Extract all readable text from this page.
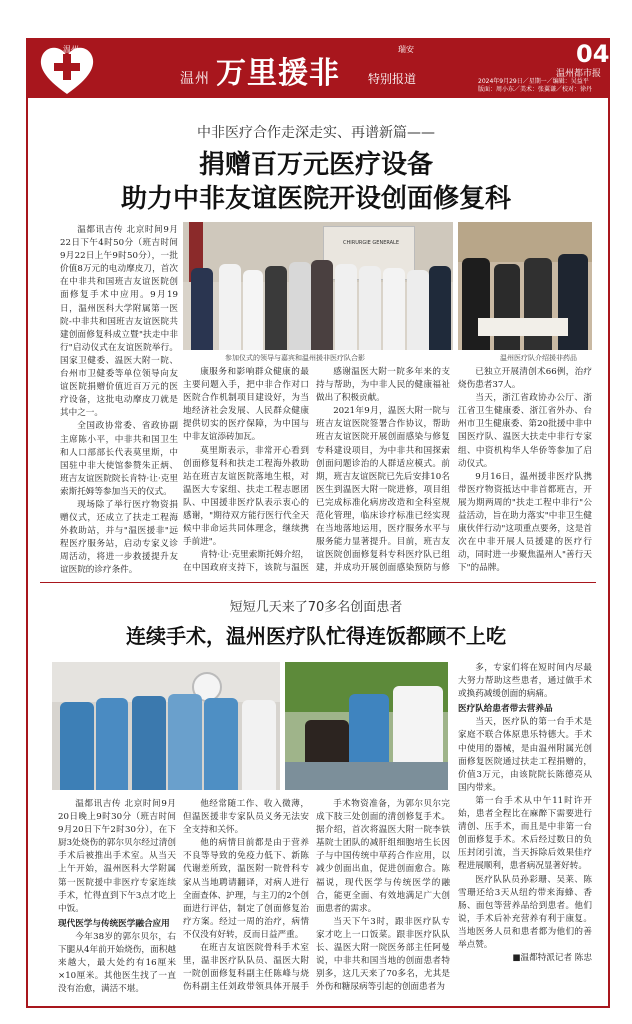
温州
温州 万里援非 特别报道
瑞安	04
温州都市报
2024年9月29日／星期一／编辑：吴益平
版面：周小东／美术：张翼谦／校对：徐丹
中非医疗合作走深走实、再谱新篇——
捐赠百万元医疗设备
助力中非友谊医院开设创面修复科
CHIRURGIE GENERALE
参加仪式的领导与嘉宾和温州援非医疗队合影	温州医疗队介绍援非药品

温都讯吉传 北京时间9月22日下午4时50分（班吉时间9月22日上午9时50分），一批价值8万元的电动摩皮刀，首次在中非共和国班吉友谊医院创面修复手术中应用。9月19日，温州医科大学附属第一医院-中非共和国班吉友谊医院共建创面修复科成立暨"扶走中非行"启动仪式在友谊医院举行。国家卫健委、温医大附一院、台州市卫健委等单位领导向友谊医院捐赠价值近百万元的医疗设备，这批电动摩皮刀就是其中之一。

全国政协常委、省政协副主席陈小平，中非共和国卫生和人口部部长代表莫里斯，中国驻中非大使馆参赞朱正炳、班吉友谊医院院长肯特·让·克里索斯托姆等参加当天的仪式。

现场除了举行医疗物资捐赠仪式，还成立了扶走工程海外救助站，并与"温医援非"远程医疗服务站，启动专家义诊周活动，将进一步救援提升友谊医院的诊疗条件。

康服务和影响群众健康的最主要问题入手，把中非合作对口医院合作机制项目建设好，为当地经济社会发展、人民群众健康提供切实的医疗保障，为中国与中非友谊添砖加瓦。

莫里斯表示，非常开心看到创面修复科和扶走工程海外救助站在班吉友谊医院落地生根，对温医大专家组、扶走工程志愿团队、中国援非医疗队表示衷心的感谢，"期待双方能行医行代全天候中非命运共同体理念，继续携手前进"。

肯特·让·克里索斯托姆介绍，在中国政府支持下，该院与温医

感谢温医大附一院多年来的支持与帮助，为中非人民的健康福祉做出了积极贡献。

2021年9月，温医大附一院与班吉友谊医院签署合作协议，帮助班吉友谊医院开展创面感染与修复专科建设项目，为中非共和国探索创面问题诊治的人群适应模式。前期，班吉友谊医院已先后安排10名医生到温医大附一院进修，项目组已完成标准化病房改造和全科室规范化管理，临床诊疗标准已经实现在当地落地运用，医疗服务水平与服务能力显著提升。目前，班吉友谊医院创面修复科专科医疗队已组建，并成功开展创面感染预防与修

已独立开展清创术66例，治疗烧伤患者37人。

当天，浙江省政协办公厅、浙江省卫生健康委、浙江省外办、台州市卫生健康委、第20批援中非中国医疗队、温医大扶走中非行专家组、中资机构华人华侨等参加了启动仪式。

9月16日，温州援非医疗队携带医疗物资抵达中非首都班吉，开展为期两周的"扶走工程中非行"公益活动，旨在助力落实"中非卫生健康伙伴行动"这项重点要务，这是首次在中非开展人员援建的医疗行动，同时进一步聚焦温州人"善行天下"的品牌。

短短几天来了70多名创面患者
连续手术，温州医疗队忙得连饭都顾不上吃

温都讯吉传 北京时间9月20日晚上9时30分（班吉时间9月20日下午2时30分），在下厨3处烧伤的郭尔贝尔经过清创手术后被推出手术室。从当天上午开始，温州医科大学附属第一医院援中非医疗专家连续手术，忙得直到下午3点才吃上中饭。

现代医学与传统医学融合应用

今年38岁的郭尔贝尔，右下腿从4年前开始烧伤，面积越来越大，最大处约有16厘米×10厘米。其他医生找了一直没有治愈，满活不堪。

他经常随工作、收入微薄，但温医援非专家队员义务无法安全支持和关怀。

他的病情目前都是由于营养不良等导致的免疫力低下、新陈代谢差所致，温医附一院骨科专家从当地聘请翻译，对病人进行全面查体、护理，与主刀的2个创面进行评估，制定了创面修复治疗方案。经过一周的治疗，病情不仅没有好转，反而日益严重。

在班吉友谊医院骨科手术室里，温非医疗队队员、温医大附一院创面修复科副主任陈峰与烧伤科副主任刘政带领具体开展手

手术物资准备，为郭尔贝尔完成下肢三处创面的清创修复手术。据介绍，首次将温医大附一院李铁基院士团队的减肝组细胞培生长因子与中国传统中草药合作应用，以减少创面出血，促进创面愈合。陈福说，现代医学与传统医学的融合，能更全面、有效地满足广大创面患者的需求。

当天下午3时，跟非医疗队专家才吃上一口饭菜。跟非医疗队队长、温医大附一院医务部主任阿曼说，中非共和国当地的创面患者特别多，这几天来了70多名，尤其是外伤和糖尿病等引起的创面患者为

多，专家们将在短时间内尽最大努力帮助这些患者，通过做手术或换药减缓创面的病痛。

医疗队给患者带去营养品

当天，医疗队的第一台手术是家庭不联合体原患乐特德大。手术中使用的器械，是由温州附属光创面修复医院通过扶走工程捐赠的，价值3万元，由该院院长陈德亮从国内带来。

第一台手术从中午11时许开始，患者全程比在麻醉下需要进行清创、压手术，而且是中非第一台创面修复手术。术后经过数日的负压封闭引流，当天拆除后效果佳疗程进展顺利，患者病况显著好转。

医疗队队员孙彩珊、吴莱、陈雪珊还给3天从纽约带来海蜂、香肠、面包等营养品给到患者。他们说，手术后补充营养有利于康复。当地医务人员和患者都为他们的善举点赞。

■温都特派记者 陈忠
